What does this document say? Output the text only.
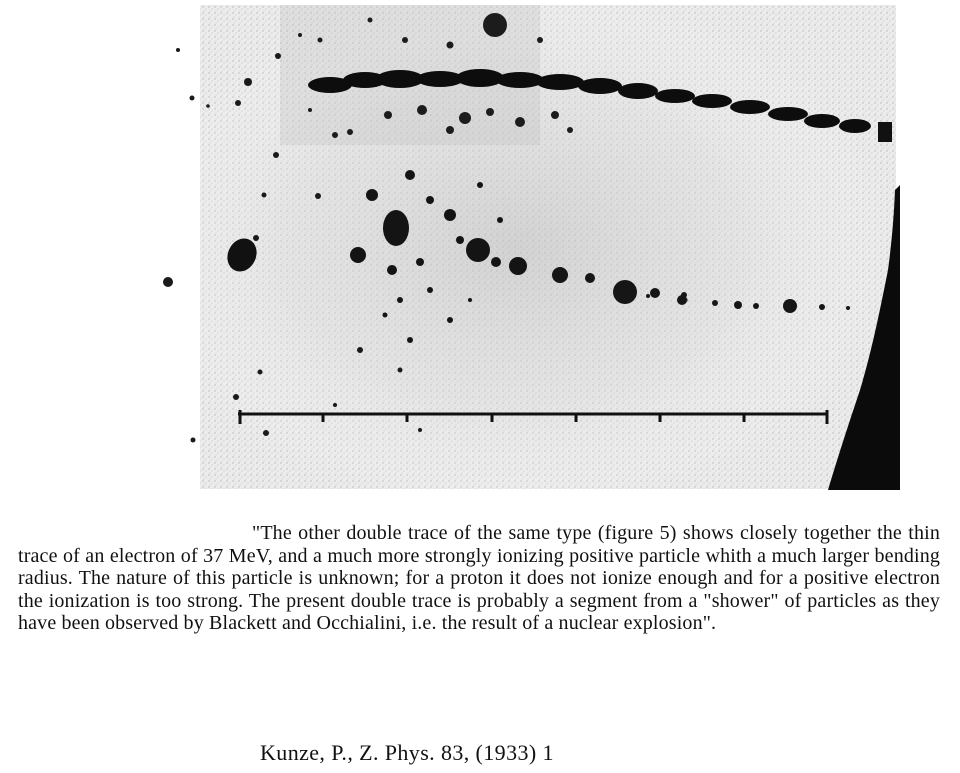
"The other double trace of the same type (figure 5) shows closely together the thin trace of an electron of 37 MeV, and a much more strongly ionizing positive particle whith a much larger bending radius. The nature of this particle is unknown; for a proton it does not ionize enough and for a positive electron the ionization is too strong. The present double trace is probably a segment from a "shower" of particles as they have been observed by Blackett and Occhialini, i.e. the result of a nuclear explosion".
Kunze, P., Z. Phys. 83, (1933) 1
